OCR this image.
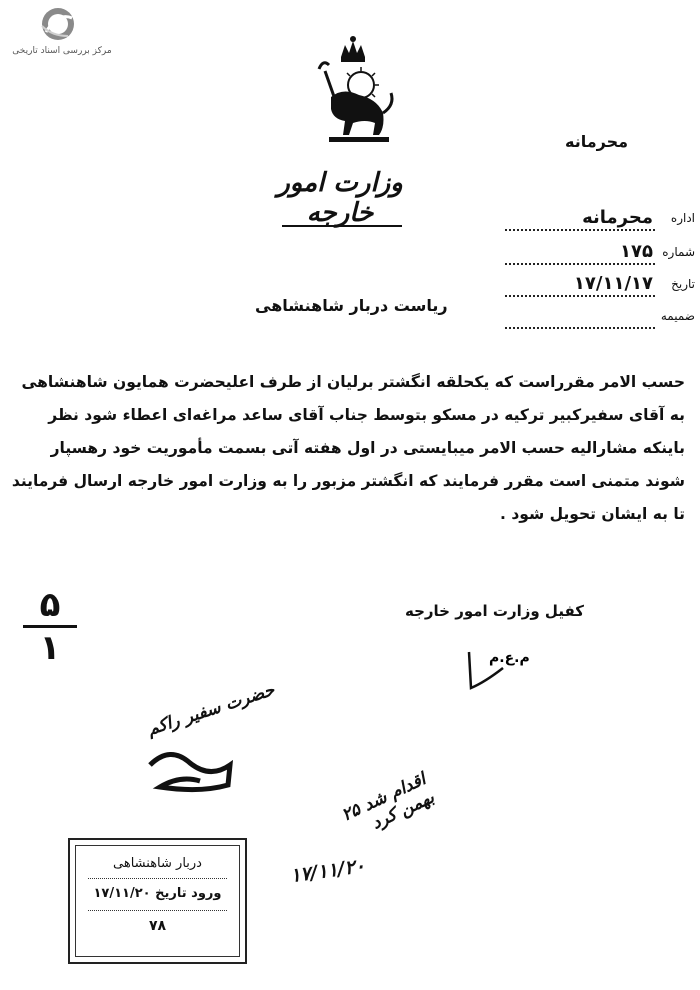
مرکز بررسی اسناد تاریخی
وزارت امور خارجه
محرمانه
اداره
محرمانه
شماره
۱۷۵
تاریخ
۱۷/۱۱/۱۷
ضمیمه
ریاست دربار شاهنشاهی

حسب الامر مقرراست که یکحلقه انگشتر برلیان از طرف اعلیحضرت همایون شاهنشاهی

به آقای سفیرکبیر ترکیه در مسکو بتوسط جناب آقای ساعد مراغه‌ای اعطاء شود نظر

باینکه مشارالیه حسب الامر میبایستی در اول هفته آتی بسمت مأموریت خود رهسپار

شوند متمنی است مقرر فرمایند که انگشتر مزبور را به وزارت امور خارجه ارسال فرمایند

تا به ایشان تحویل شود .

کفیل وزارت امور خارجه
م.ع.م
۵
۱
حضرت سفیر راکم
اقدام شد ۲۵ بهمن کرد
۱۷/۱۱/۲۰
دربار شاهنشاهی
ورود تاریخ ۱۷/۱۱/۲۰
۷۸
